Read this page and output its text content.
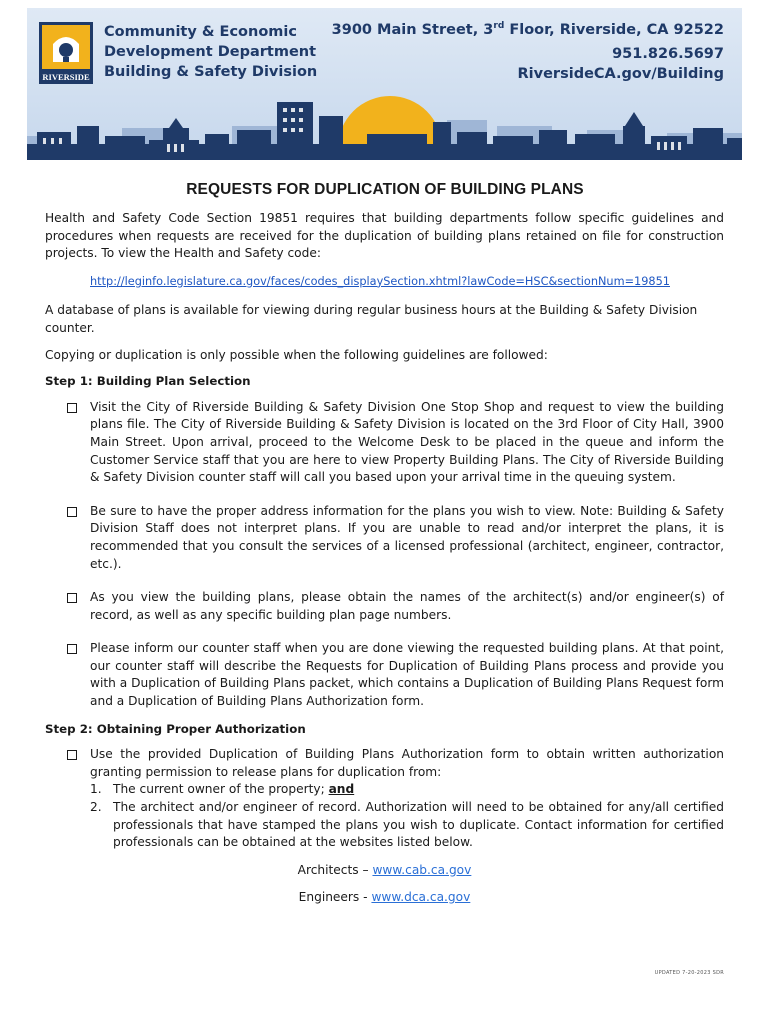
RIVERSIDE
Community & Economic
Development Department
Building & Safety Division
3900 Main Street, 3rd Floor, Riverside, CA 92522
951.826.5697
RiversideCA.gov/Building
REQUESTS FOR DUPLICATION OF BUILDING PLANS

Health and Safety Code Section 19851 requires that building departments follow specific guidelines and procedures when requests are received for the duplication of building plans retained on file for construction projects. To view the Health and Safety code:

http://leginfo.legislature.ca.gov/faces/codes_displaySection.xhtml?lawCode=HSC&sectionNum=19851

A database of plans is available for viewing during regular business hours at the Building & Safety Division counter.

Copying or duplication is only possible when the following guidelines are followed:

Step 1: Building Plan Selection
Visit the City of Riverside Building & Safety Division One Stop Shop and request to view the building plans file. The City of Riverside Building & Safety Division is located on the 3rd Floor of City Hall, 3900 Main Street. Upon arrival, proceed to the Welcome Desk to be placed in the queue and inform the Customer Service staff that you are here to view Property Building Plans. The City of Riverside Building & Safety Division counter staff will call you based upon your arrival time in the queuing system.
Be sure to have the proper address information for the plans you wish to view. Note: Building & Safety Division Staff does not interpret plans. If you are unable to read and/or interpret the plans, it is recommended that you consult the services of a licensed professional (architect, engineer, contractor, etc.).
As you view the building plans, please obtain the names of the architect(s) and/or engineer(s) of record, as well as any specific building plan page numbers.
Please inform our counter staff when you are done viewing the requested building plans. At that point, our counter staff will describe the Requests for Duplication of Building Plans process and provide you with a Duplication of Building Plans packet, which contains a Duplication of Building Plans Request form and a Duplication of Building Plans Authorization form.
Step 2: Obtaining Proper Authorization
Use the provided Duplication of Building Plans Authorization form to obtain written authorization granting permission to release plans for duplication from:
1. The current owner of the property; and
2. The architect and/or engineer of record. Authorization will need to be obtained for any/all certified professionals that have stamped the plans you wish to duplicate. Contact information for certified professionals can be obtained at the websites listed below.
Architects – www.cab.ca.gov
Engineers - www.dca.ca.gov
UPDATED 7-20-2023 SDR
